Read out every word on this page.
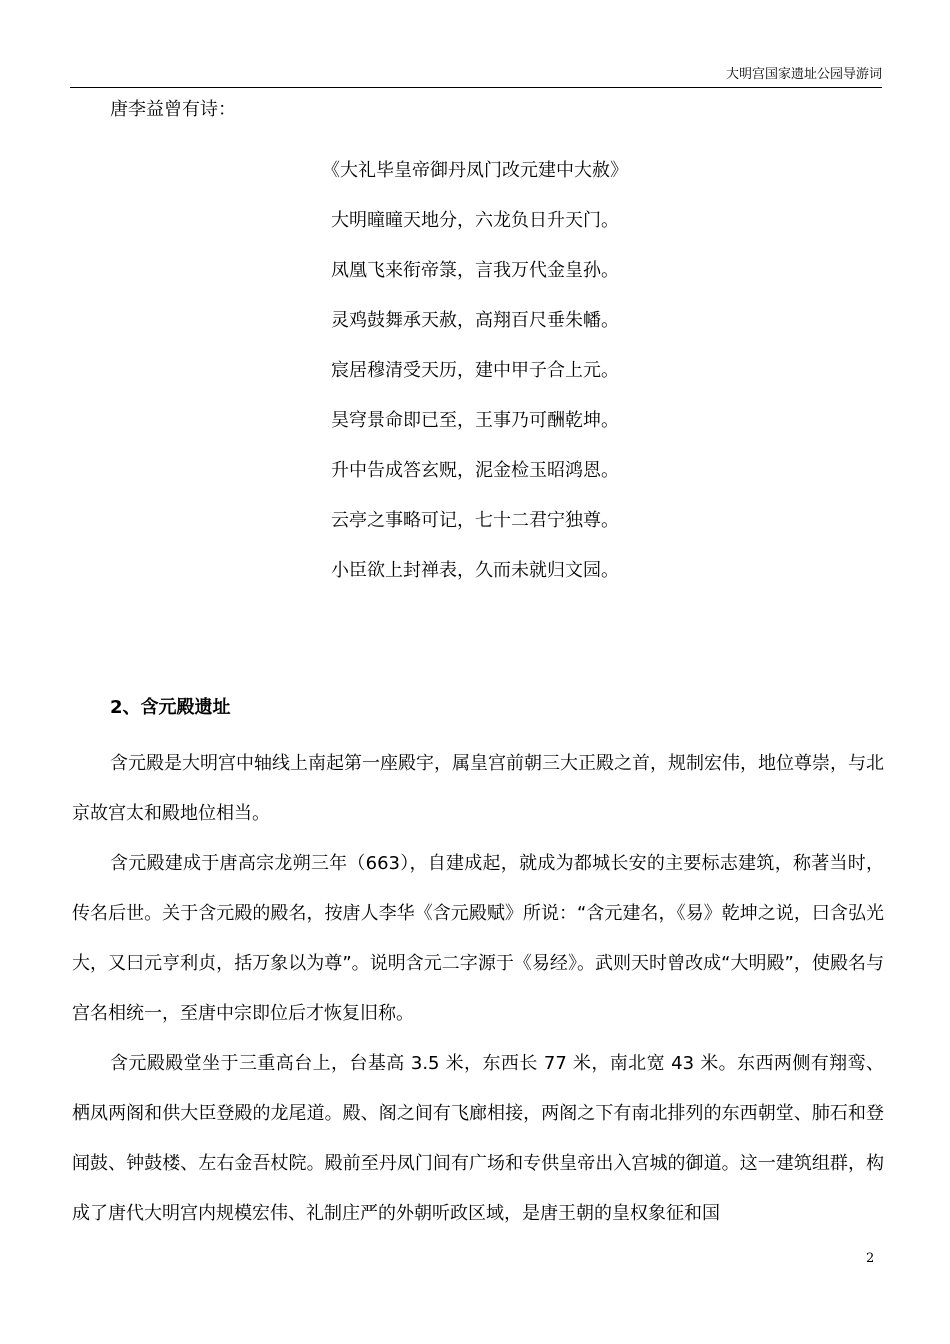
大明宫国家遗址公园导游词
唐李益曾有诗：
《大礼毕皇帝御丹凤门改元建中大赦》
大明曈曈天地分，六龙负日升天门。
凤凰飞来衔帝箓，言我万代金皇孙。
灵鸡鼓舞承天赦，高翔百尺垂朱幡。
宸居穆清受天历，建中甲子合上元。
昊穹景命即已至，王事乃可酬乾坤。
升中告成答玄贶，泥金检玉昭鸿恩。
云亭之事略可记，七十二君宁独尊。
小臣欲上封禅表，久而未就归文园。
2、含元殿遗址

含元殿是大明宫中轴线上南起第一座殿宇，属皇宫前朝三大正殿之首，规制宏伟，地位尊崇，与北京故宫太和殿地位相当。

含元殿建成于唐高宗龙朔三年（663），自建成起，就成为都城长安的主要标志建筑，称著当时，传名后世。关于含元殿的殿名，按唐人李华《含元殿赋》所说：“含元建名，《易》乾坤之说，曰含弘光大，又曰元亨利贞，括万象以为尊”。说明含元二字源于《易经》。武则天时曾改成“大明殿”，使殿名与宫名相统一，至唐中宗即位后才恢复旧称。

含元殿殿堂坐于三重高台上，台基高 3.5 米，东西长 77 米，南北宽 43 米。东西两侧有翔鸾、栖凤两阁和供大臣登殿的龙尾道。殿、阁之间有飞廊相接，两阁之下有南北排列的东西朝堂、肺石和登闻鼓、钟鼓楼、左右金吾杖院。殿前至丹凤门间有广场和专供皇帝出入宫城的御道。这一建筑组群，构成了唐代大明宫内规模宏伟、礼制庄严的外朝听政区域，是唐王朝的皇权象征和国

2
